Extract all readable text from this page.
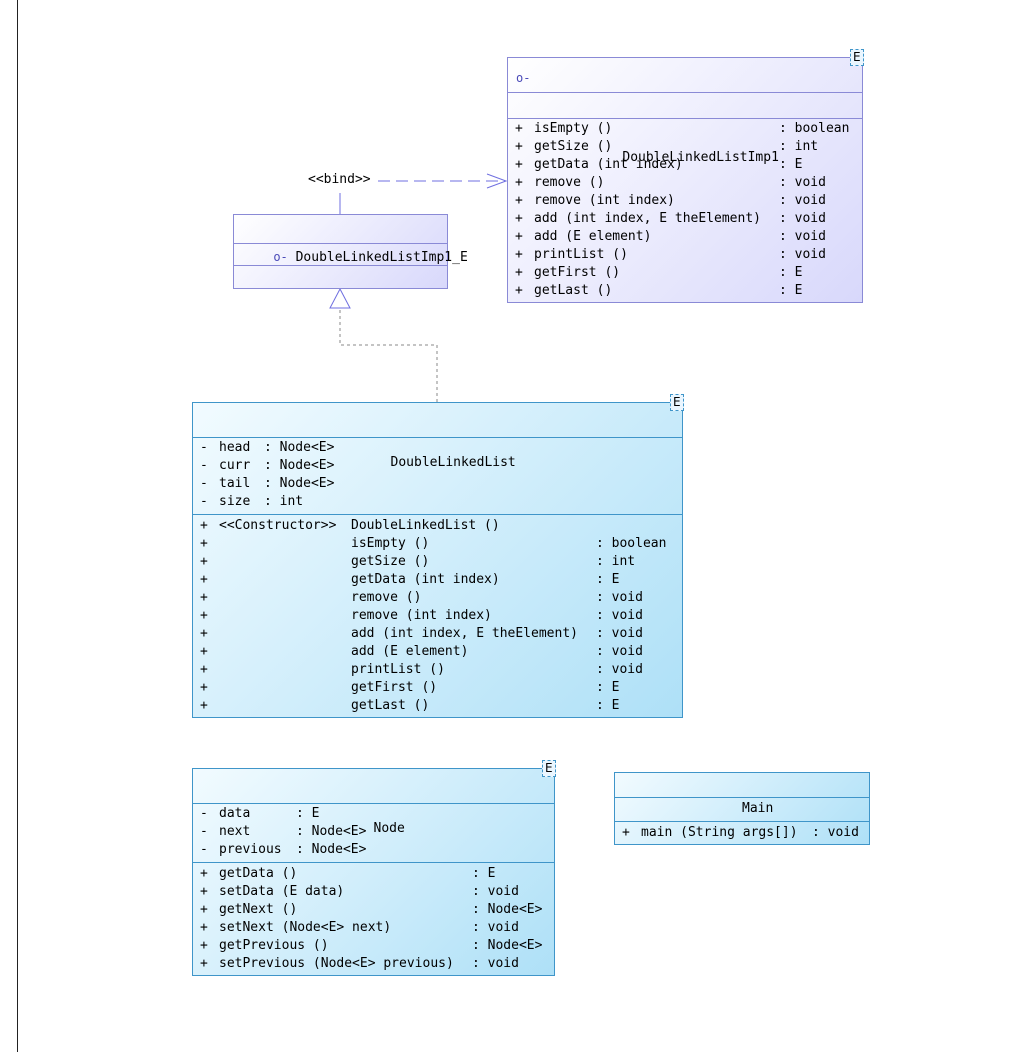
<<bind>>

o-

DoubleLinkedListImp1

+ isEmpty ()	: boolean
+ getSize ()	: int
+ getData (int index)	: E
+ remove ()	: void
+ remove (int index)	: void
+ add (int index, E theElement) : void
+ add (E element)	: void
+ printList ()	: void
+ getFirst ()	: E
+ getLast ()	: E
E

o- DoubleLinkedListImp1_E

DoubleLinkedList

- head : Node<E>
- curr : Node<E>
- tail : Node<E>
- size : int
+ <<Constructor>> DoubleLinkedList ()
+	isEmpty ()	: boolean
+	getSize ()	: int
+	getData (int index)	: E
+	remove ()	: void
+	remove (int index)	: void
+	add (int index, E theElement) : void
+	add (E element)	: void
+	printList ()	: void
+	getFirst ()	: E
+	getLast ()	: E
E

Node

- data	: E
- next	: Node<E>
- previous : Node<E>
+ getData ()	: E
+ setData (E data)	: void
+ getNext ()	: Node<E>
+ setNext (Node<E> next)	: void
+ getPrevious ()	: Node<E>
+ setPrevious (Node<E> previous) : void
E

Main

+ main (String args[]) : void
